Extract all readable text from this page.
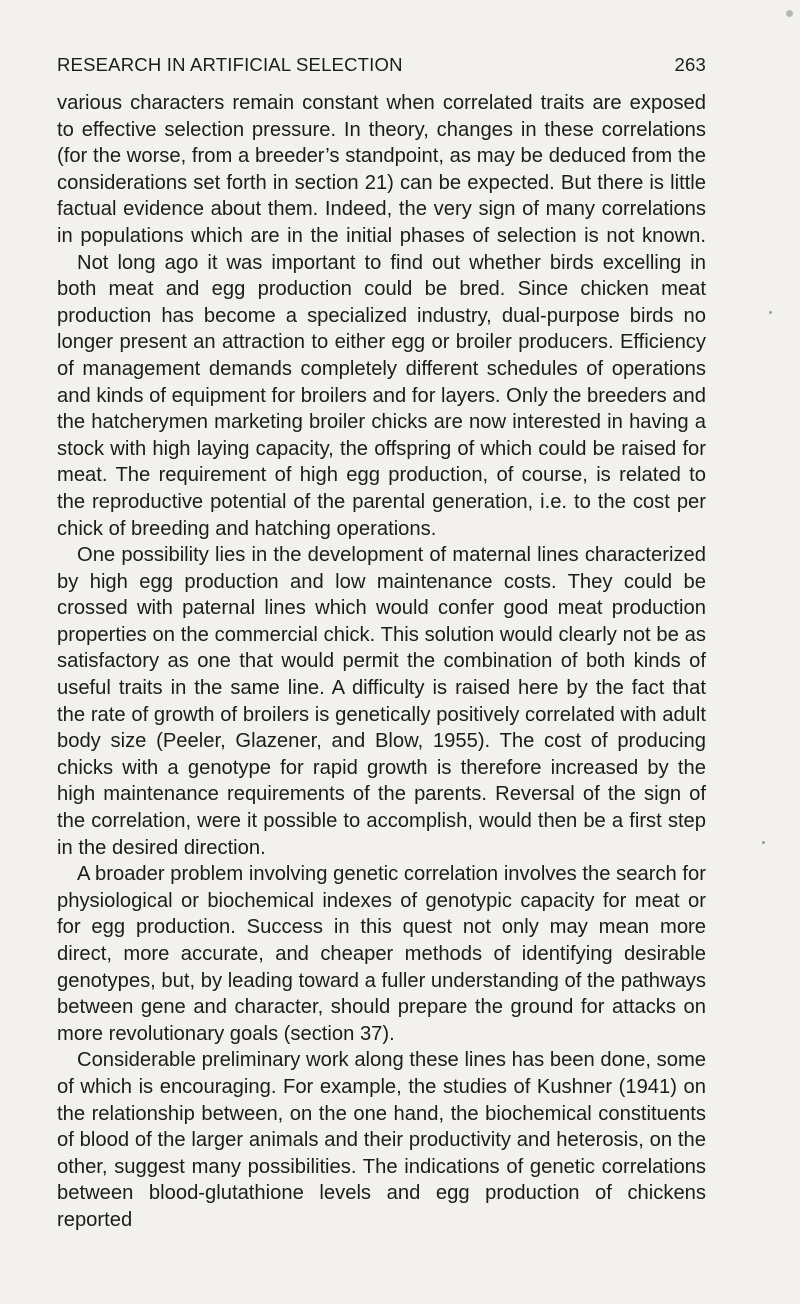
RESEARCH IN ARTIFICIAL SELECTION	263

various characters remain constant when correlated traits are exposed to effective selection pressure. In theory, changes in these correlations (for the worse, from a breeder’s standpoint, as may be deduced from the considerations set forth in section 21) can be expected. But there is little factual evidence about them. Indeed, the very sign of many correlations in populations which are in the initial phases of selection is not known.

Not long ago it was important to find out whether birds excelling in both meat and egg production could be bred. Since chicken meat production has become a specialized industry, dual-purpose birds no longer present an attraction to either egg or broiler producers. Efficiency of management demands completely different schedules of operations and kinds of equipment for broilers and for layers. Only the breeders and the hatcherymen marketing broiler chicks are now interested in having a stock with high laying capacity, the offspring of which could be raised for meat. The requirement of high egg production, of course, is related to the reproductive potential of the parental generation, i.e. to the cost per chick of breeding and hatching operations.

One possibility lies in the development of maternal lines characterized by high egg production and low maintenance costs. They could be crossed with paternal lines which would confer good meat production properties on the commercial chick. This solution would clearly not be as satisfactory as one that would permit the combination of both kinds of useful traits in the same line. A difficulty is raised here by the fact that the rate of growth of broilers is genetically positively correlated with adult body size (Peeler, Glazener, and Blow, 1955). The cost of producing chicks with a genotype for rapid growth is therefore increased by the high maintenance requirements of the parents. Reversal of the sign of the correlation, were it possible to accomplish, would then be a first step in the desired direction.

A broader problem involving genetic correlation involves the search for physiological or biochemical indexes of genotypic capacity for meat or for egg production. Success in this quest not only may mean more direct, more accurate, and cheaper methods of identifying desirable genotypes, but, by leading toward a fuller understanding of the pathways between gene and character, should prepare the ground for attacks on more revolutionary goals (section 37).

Considerable preliminary work along these lines has been done, some of which is encouraging. For example, the studies of Kushner (1941) on the relationship between, on the one hand, the biochemical constituents of blood of the larger animals and their productivity and heterosis, on the other, suggest many possibilities. The indications of genetic correlations between blood-glutathione levels and egg production of chickens reported
